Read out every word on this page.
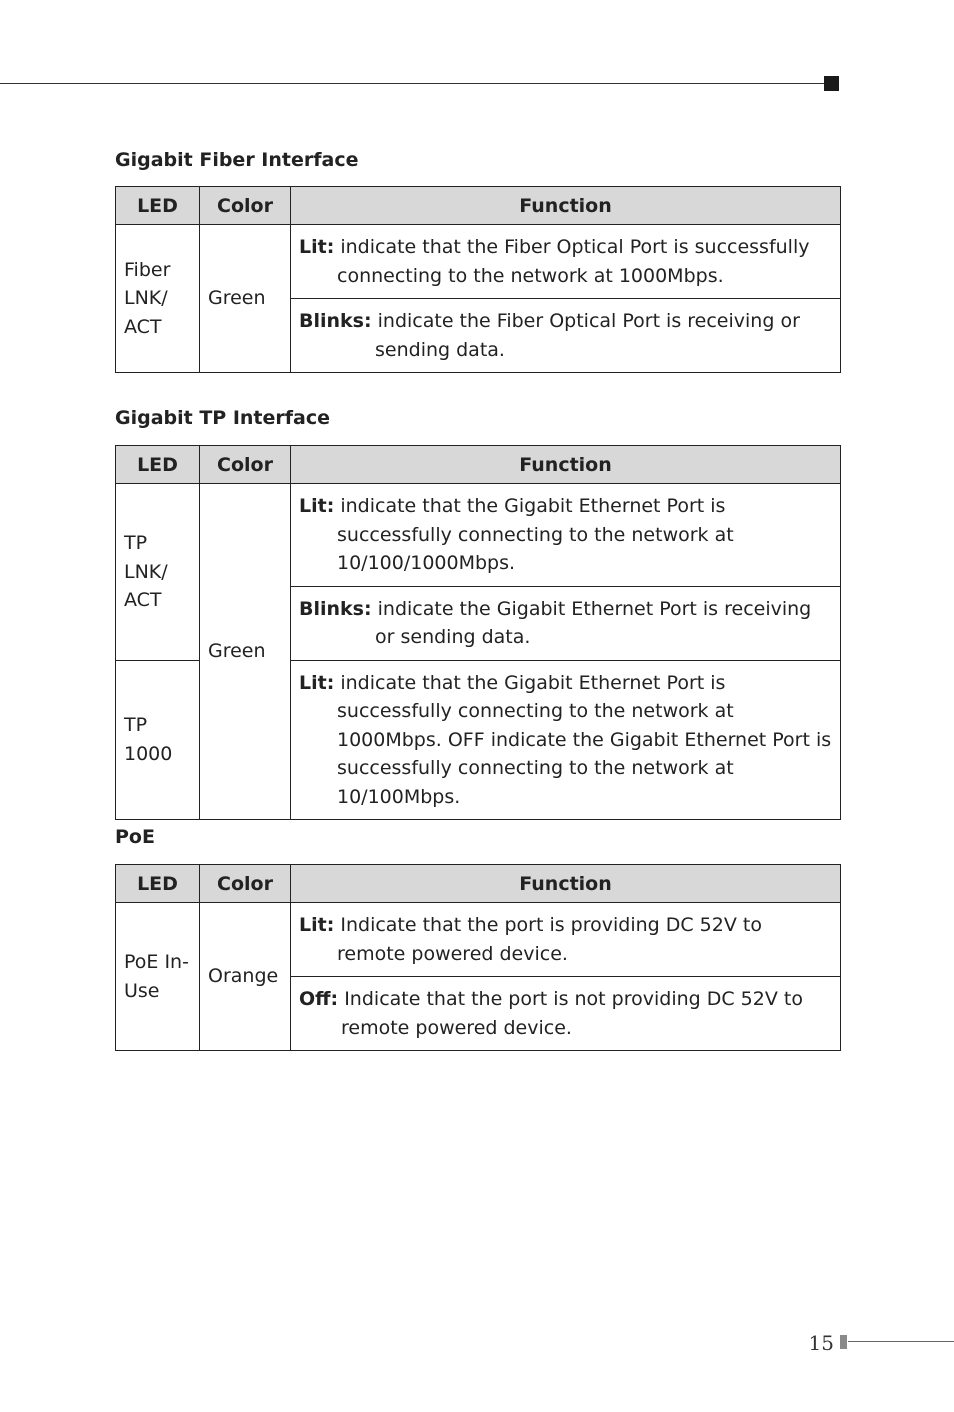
Gigabit Fiber Interface
LED	Color	Function
Fiber LNK/ ACT	Green	Lit: indicate that the Fiber Optical Port is successfully connecting to the network at 1000Mbps.
		Blinks: indicate the Fiber Optical Port is receiving or sending data.
Gigabit TP Interface
LED	Color	Function
TP LNK/ ACT	Green	Lit: indicate that the Gigabit Ethernet Port is successfully connecting to the network at 10/100/1000Mbps.
		Blinks: indicate the Gigabit Ethernet Port is receiving or sending data.
TP 1000		Lit: indicate that the Gigabit Ethernet Port is successfully connecting to the network at 1000Mbps. OFF indicate the Gigabit Ethernet Port is successfully connecting to the network at 10/100Mbps.
PoE
LED	Color	Function
PoE In-Use	Orange	Lit: Indicate that the port is providing DC 52V to remote powered device.
		Off: Indicate that the port is not providing DC 52V to remote powered device.
15
